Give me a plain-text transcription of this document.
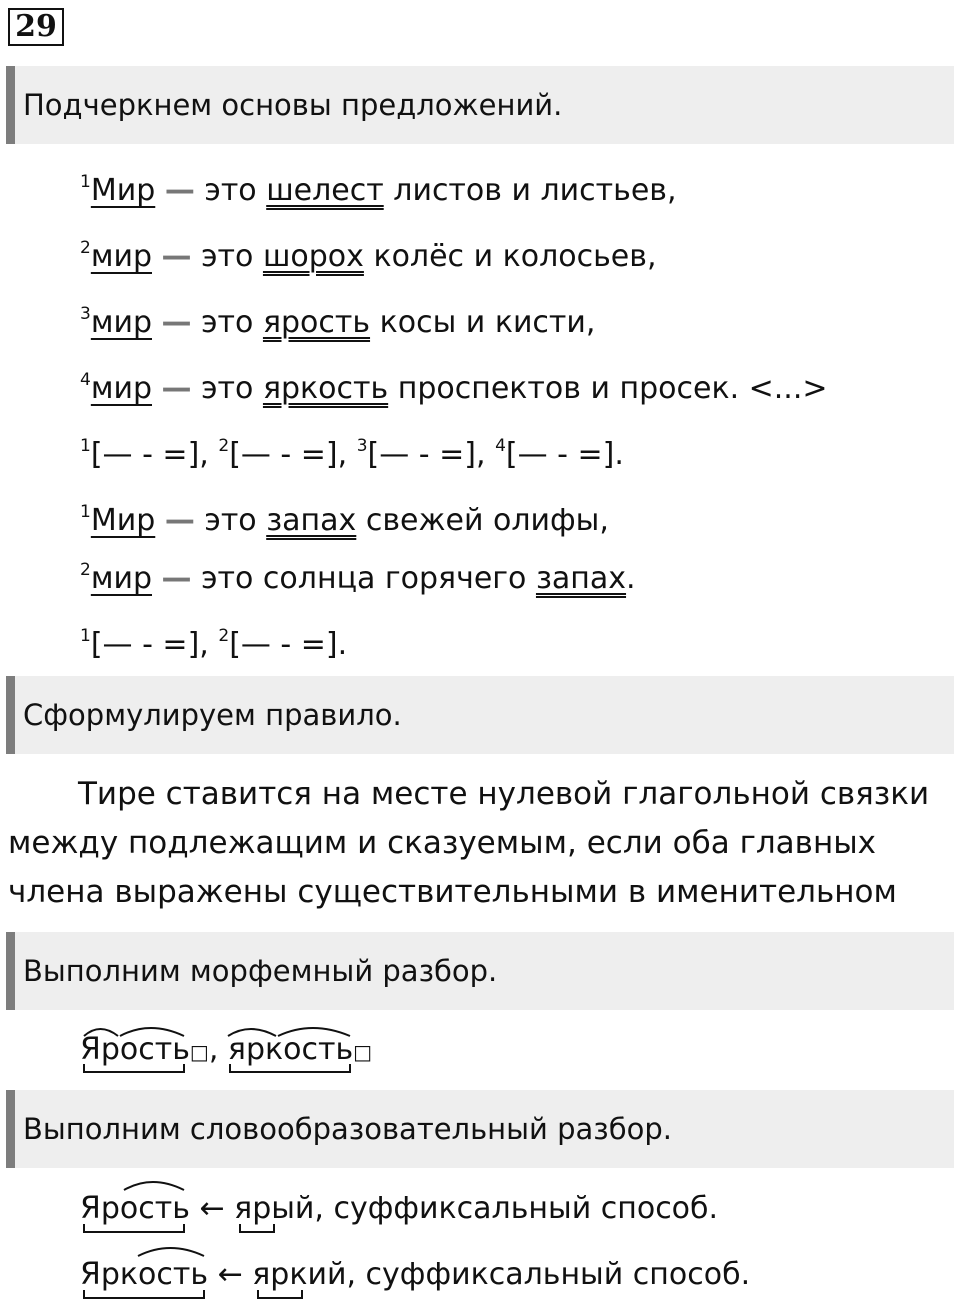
29
Подчеркнем основы предложений.
$^1$Мир — это шелест листов и листьев,
$^2$мир — это шорох колёс и колосьев,
$^3$мир — это ярость косы и кисти,
$^4$мир — это яркость проспектов и просек. <...>
$^1$[— - =], $^2$[— - =], $^3$[— - =], $^4$[— - =].
$^1$Мир — это запах свежей олифы,
$^2$мир — это солнца горячего запах.
$^1$[— - =], $^2$[— - =].
Сформулируем правило.

Тире ставится на месте нулевой глагольной связки между подлежащим и сказуемым, если оба главных члена выражены существительными в именительном

Выполним морфемный разбор.
Ярость□, яркость□
Выполним словообразовательный разбор.
Ярость ← ярый, суффиксальный способ.
Яркость ← яркий, суффиксальный способ.
